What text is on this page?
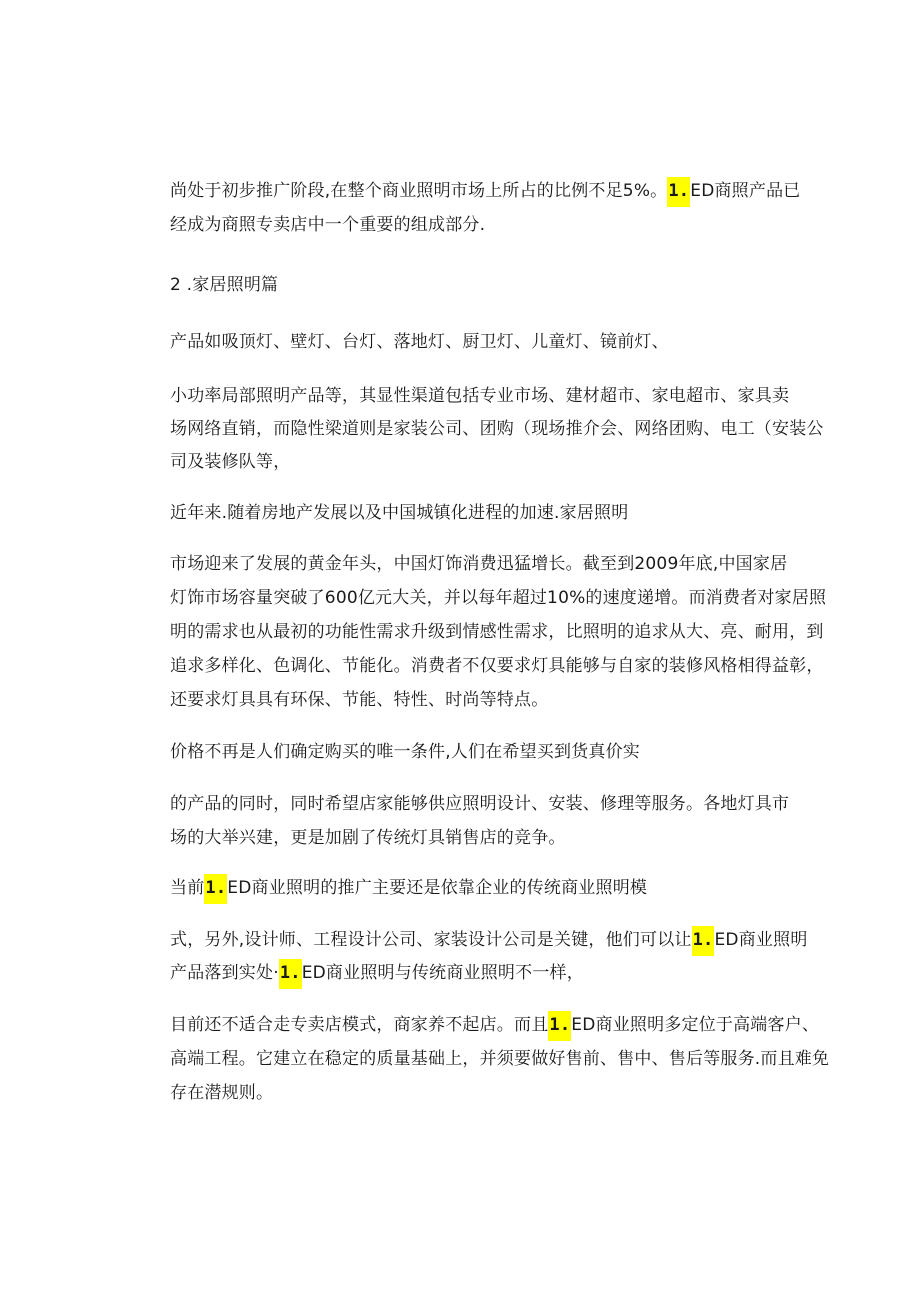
尚处于初步推广阶段,在整个商业照明市场上所占的比例不足5%。1.ED商照产品已
经成为商照专卖店中一个重要的组成部分.
2 .家居照明篇
产品如吸顶灯、壁灯、台灯、落地灯、厨卫灯、儿童灯、镜前灯、
小功率局部照明产品等，其显性渠道包括专业市场、建材超市、家电超市、家具卖
场网络直销，而隐性梁道则是家装公司、团购（现场推介会、网络团购、电工（安装公
司及装修队等，
近年来.随着房地产发展以及中国城镇化进程的加速.家居照明
市场迎来了发展的黄金年头，中国灯饰消费迅猛增长。截至到2009年底,中国家居
灯饰市场容量突破了600亿元大关，并以每年超过10%的速度递增。而消费者对家居照
明的需求也从最初的功能性需求升级到情感性需求，比照明的追求从大、亮、耐用，到
追求多样化、色调化、节能化。消费者不仅要求灯具能够与自家的装修风格相得益彰，
还要求灯具具有环保、节能、特性、时尚等特点。
价格不再是人们确定购买的唯一条件,人们在希望买到货真价实
的产品的同时，同时希望店家能够供应照明设计、安装、修理等服务。各地灯具市
场的大举兴建，更是加剧了传统灯具销售店的竞争。
当前1.ED商业照明的推广主要还是依靠企业的传统商业照明模
式，另外,设计师、工程设计公司、家装设计公司是关键，他们可以让1.ED商业照明
产品落到实处·1.ED商业照明与传统商业照明不一样，
目前还不适合走专卖店模式，商家养不起店。而且1.ED商业照明多定位于高端客户、
高端工程。它建立在稳定的质量基础上，并须要做好售前、售中、售后等服务.而且难免
存在潜规则。
